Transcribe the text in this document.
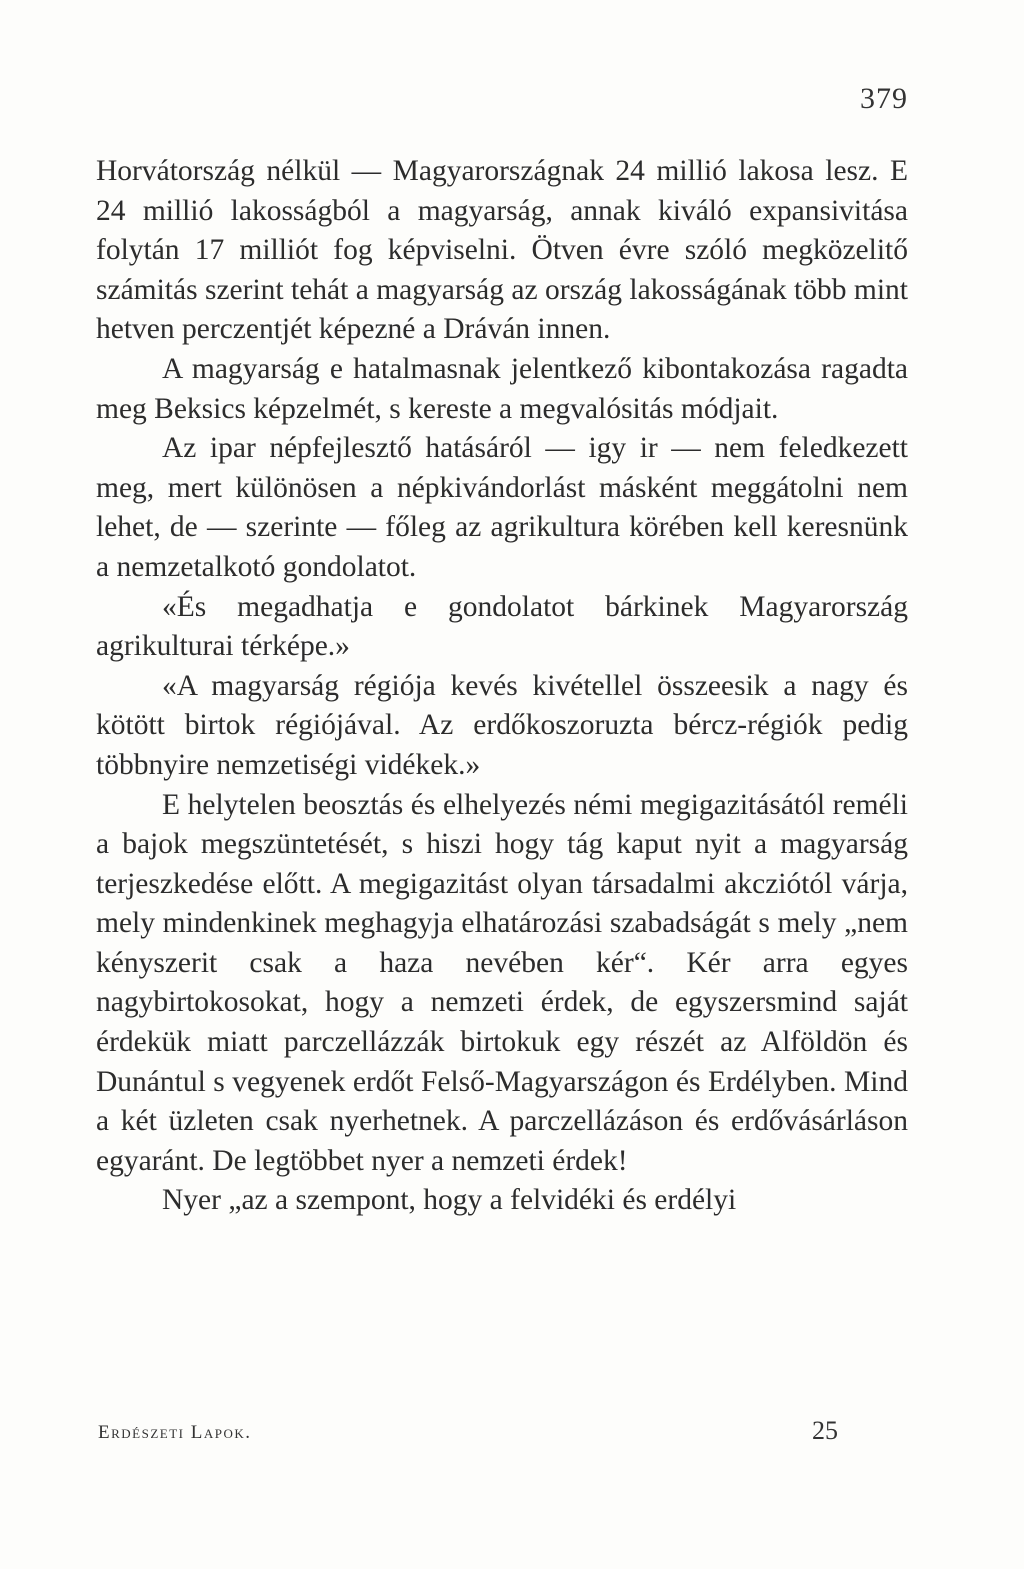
379

Horvátország nélkül — Magyarországnak 24 millió lakosa lesz. E 24 millió lakosságból a magyarság, annak kiváló expansivitása folytán 17 milliót fog képviselni. Ötven évre szóló megközelitő számitás szerint tehát a magyarság az ország lakosságának több mint hetven perczentjét képezné a Dráván innen.

A magyarság e hatalmasnak jelentkező kibontakozása ragadta meg Beksics képzelmét, s kereste a megvalósitás módjait.

Az ipar népfejlesztő hatásáról — igy ir — nem feledkezett meg, mert különösen a népkivándorlást másként meggátolni nem lehet, de — szerinte — főleg az agrikultura körében kell keresnünk a nemzetalkotó gondolatot.

«És megadhatja e gondolatot bárkinek Magyarország agrikulturai térképe.»

«A magyarság régiója kevés kivétellel összeesik a nagy és kötött birtok régiójával. Az erdőkoszoruzta bércz-régiók pedig többnyire nemzetiségi vidékek.»

E helytelen beosztás és elhelyezés némi megigazitásától reméli a bajok megszüntetését, s hiszi hogy tág kaput nyit a magyarság terjeszkedése előtt. A megigazitást olyan társadalmi akcziótól várja, mely mindenkinek meghagyja elhatározási szabadságát s mely „nem kényszerit csak a haza nevében kér“. Kér arra egyes nagybirtokosokat, hogy a nemzeti érdek, de egyszersmind saját érdekük miatt parczellázzák birtokuk egy részét az Alföldön és Dunántul s vegyenek erdőt Felső-Magyarszágon és Erdélyben. Mind a két üzleten csak nyerhetnek. A parczellázáson és erdővásárláson egyaránt. De legtöbbet nyer a nemzeti érdek!

Nyer „az a szempont, hogy a felvidéki és erdélyi

Erdészeti Lapok.	25
